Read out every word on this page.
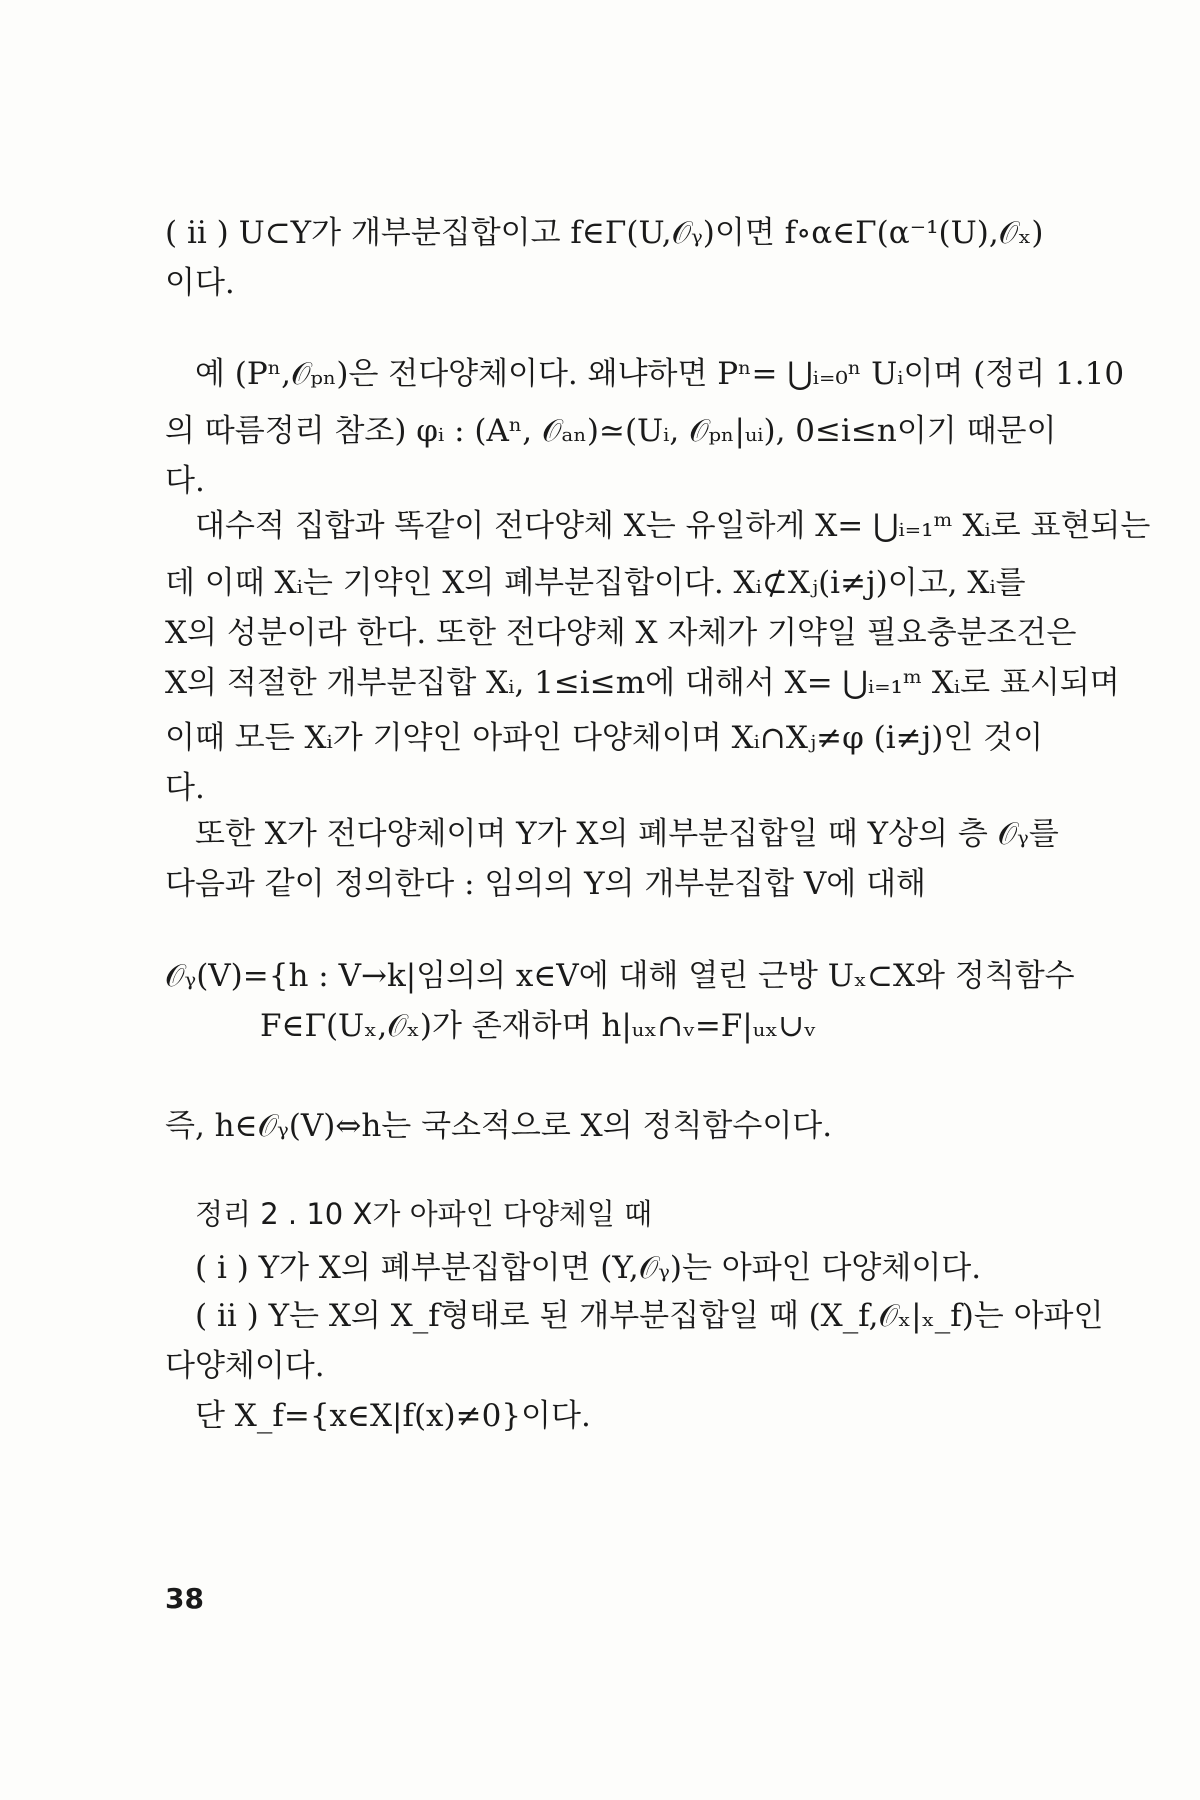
( ii ) U⊂Y가 개부분집합이고 f∈Γ(U,𝒪ᵧ)이면 f∘α∈Γ(α⁻¹(U),𝒪ₓ)
이다.
예 (Pⁿ,𝒪ₚₙ)은 전다양체이다. 왜냐하면 Pⁿ= ⋃ᵢ₌₀ⁿ Uᵢ이며 (정리 1.10
의 따름정리 참조) φᵢ : (Aⁿ, 𝒪ₐₙ)≃(Uᵢ, 𝒪ₚₙ|ᵤᵢ), 0≤i≤n이기 때문이
다.
대수적 집합과 똑같이 전다양체 X는 유일하게 X= ⋃ᵢ₌₁ᵐ Xᵢ로 표현되는
데 이때 Xᵢ는 기약인 X의 폐부분집합이다. Xᵢ⊄Xⱼ(i≠j)이고, Xᵢ를
X의 성분이라 한다. 또한 전다양체 X 자체가 기약일 필요충분조건은
X의 적절한 개부분집합 Xᵢ, 1≤i≤m에 대해서 X= ⋃ᵢ₌₁ᵐ Xᵢ로 표시되며
이때 모든 Xᵢ가 기약인 아파인 다양체이며 Xᵢ∩Xⱼ≠φ (i≠j)인 것이
다.
또한 X가 전다양체이며 Y가 X의 폐부분집합일 때 Y상의 층 𝒪ᵧ를
다음과 같이 정의한다 : 임의의 Y의 개부분집합 V에 대해
𝒪ᵧ(V)={h : V→k|임의의 x∈V에 대해 열린 근방 Uₓ⊂X와 정칙함수
F∈Γ(Uₓ,𝒪ₓ)가 존재하며 h|ᵤₓ∩ᵥ=F|ᵤₓ∪ᵥ
즉, h∈𝒪ᵧ(V)⇔h는 국소적으로 X의 정칙함수이다.
정리 2 . 10 X가 아파인 다양체일 때
( i ) Y가 X의 폐부분집합이면 (Y,𝒪ᵧ)는 아파인 다양체이다.
( ii ) Y는 X의 X_f형태로 된 개부분집합일 때 (X_f,𝒪ₓ|ₓ_f)는 아파인
다양체이다.
단 X_f={x∈X|f(x)≠0}이다.
38
